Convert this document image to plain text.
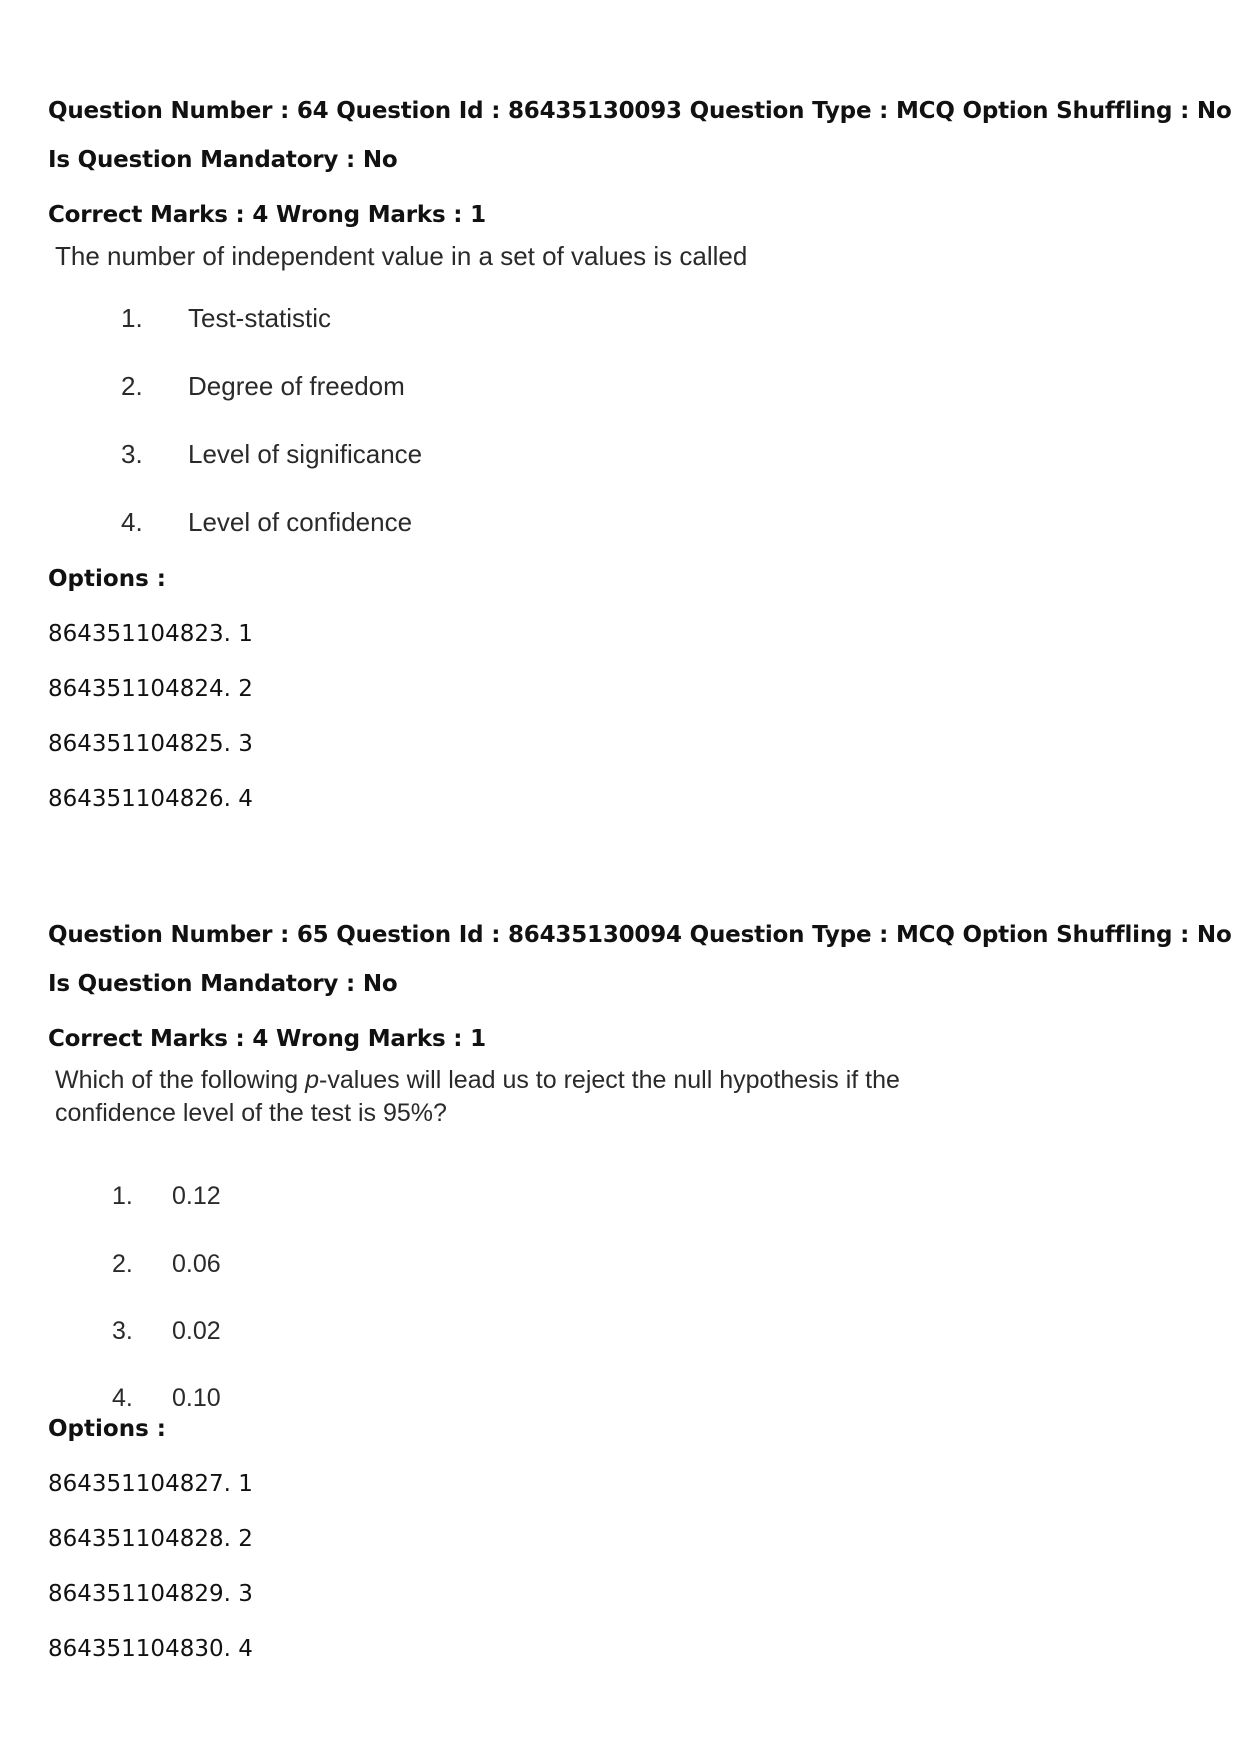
Question Number : 64 Question Id : 86435130093 Question Type : MCQ Option Shuffling : No
Is Question Mandatory : No
Correct Marks : 4 Wrong Marks : 1
The number of independent value in a set of values is called
1. Test-statistic
2. Degree of freedom
3. Level of significance
4. Level of confidence
Options :
864351104823. 1
864351104824. 2
864351104825. 3
864351104826. 4
Question Number : 65 Question Id : 86435130094 Question Type : MCQ Option Shuffling : No
Is Question Mandatory : No
Correct Marks : 4 Wrong Marks : 1
Which of the following p-values will lead us to reject the null hypothesis if the confidence level of the test is 95%?
1. 0.12
2. 0.06
3. 0.02
4. 0.10
Options :
864351104827. 1
864351104828. 2
864351104829. 3
864351104830. 4
